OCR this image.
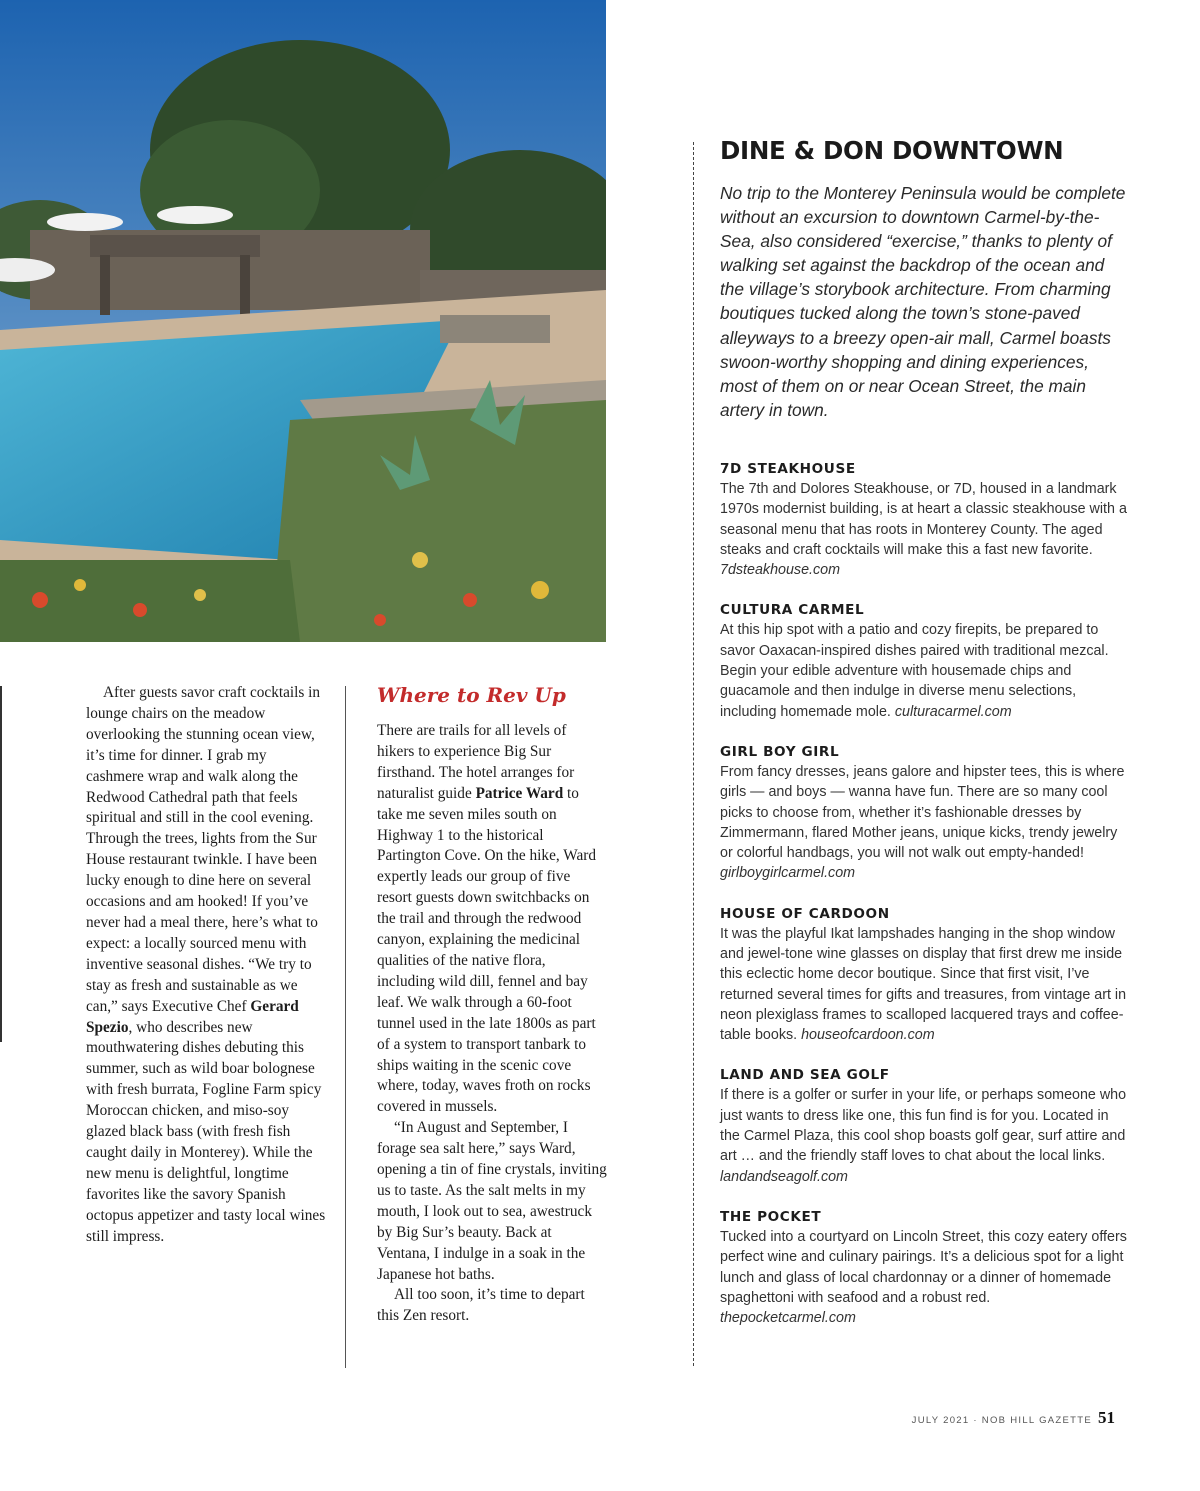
After guests savor craft cocktails in lounge chairs on the meadow overlooking the stunning ocean view, it’s time for dinner. I grab my cashmere wrap and walk along the Redwood Cathedral path that feels spiritual and still in the cool evening. Through the trees, lights from the Sur House restaurant twinkle. I have been lucky enough to dine here on several occasions and am hooked! If you’ve never had a meal there, here’s what to expect: a locally sourced menu with inventive seasonal dishes. “We try to stay as fresh and sustainable as we can,” says Executive Chef Gerard Spezio, who describes new mouthwatering dishes debuting this summer, such as wild boar bolognese with fresh burrata, Fogline Farm spicy Moroccan chicken, and miso-soy glazed black bass (with fresh fish caught daily in Monterey). While the new menu is delightful, longtime favorites like the savory Spanish octopus appetizer and tasty local wines still impress.

Where to Rev Up

There are trails for all levels of hikers to experience Big Sur firsthand. The hotel arranges for naturalist guide Patrice Ward to take me seven miles south on Highway 1 to the historical Partington Cove. On the hike, Ward expertly leads our group of five resort guests down switchbacks on the trail and through the redwood canyon, explaining the medicinal qualities of the native flora, including wild dill, fennel and bay leaf. We walk through a 60-foot tunnel used in the late 1800s as part of a system to transport tanbark to ships waiting in the scenic cove where, today, waves froth on rocks covered in mussels.

“In August and September, I forage sea salt here,” says Ward, opening a tin of fine crystals, inviting us to taste. As the salt melts in my mouth, I look out to sea, awestruck by Big Sur’s beauty. Back at Ventana, I indulge in a soak in the Japanese hot baths.

All too soon, it’s time to depart this Zen resort.

DINE & DON DOWNTOWN

No trip to the Monterey Peninsula would be complete without an excursion to downtown Carmel-by-the-Sea, also considered “exercise,” thanks to plenty of walking set against the backdrop of the ocean and the village’s storybook architecture. From charming boutiques tucked along the town’s stone-paved alleyways to a breezy open-air mall, Carmel boasts swoon-worthy shopping and dining experiences, most of them on or near Ocean Street, the main artery in town.

7D STEAKHOUSE

The 7th and Dolores Steakhouse, or 7D, housed in a landmark 1970s modernist building, is at heart a classic steakhouse with a seasonal menu that has roots in Monterey County. The aged steaks and craft cocktails will make this a fast new favorite. 7dsteakhouse.com

CULTURA CARMEL

At this hip spot with a patio and cozy firepits, be prepared to savor Oaxacan-inspired dishes paired with traditional mezcal. Begin your edible adventure with housemade chips and guacamole and then indulge in diverse menu selections, including homemade mole. culturacarmel.com

GIRL BOY GIRL

From fancy dresses, jeans galore and hipster tees, this is where girls — and boys — wanna have fun. There are so many cool picks to choose from, whether it’s fashionable dresses by Zimmermann, flared Mother jeans, unique kicks, trendy jewelry or colorful handbags, you will not walk out empty-handed! girlboygirlcarmel.com

HOUSE OF CARDOON

It was the playful Ikat lampshades hanging in the shop window and jewel-tone wine glasses on display that first drew me inside this eclectic home decor boutique. Since that first visit, I’ve returned several times for gifts and treasures, from vintage art in neon plexiglass frames to scalloped lacquered trays and coffee-table books. houseofcardoon.com

LAND AND SEA GOLF

If there is a golfer or surfer in your life, or perhaps someone who just wants to dress like one, this fun find is for you. Located in the Carmel Plaza, this cool shop boasts golf gear, surf attire and art … and the friendly staff loves to chat about the local links. landandseagolf.com

THE POCKET

Tucked into a courtyard on Lincoln Street, this cozy eatery offers perfect wine and culinary pairings. It’s a delicious spot for a light lunch and glass of local chardonnay or a dinner of homemade spaghettoni with seafood and a robust red. thepocketcarmel.com

JULY 2021 · NOB HILL GAZETTE 51
